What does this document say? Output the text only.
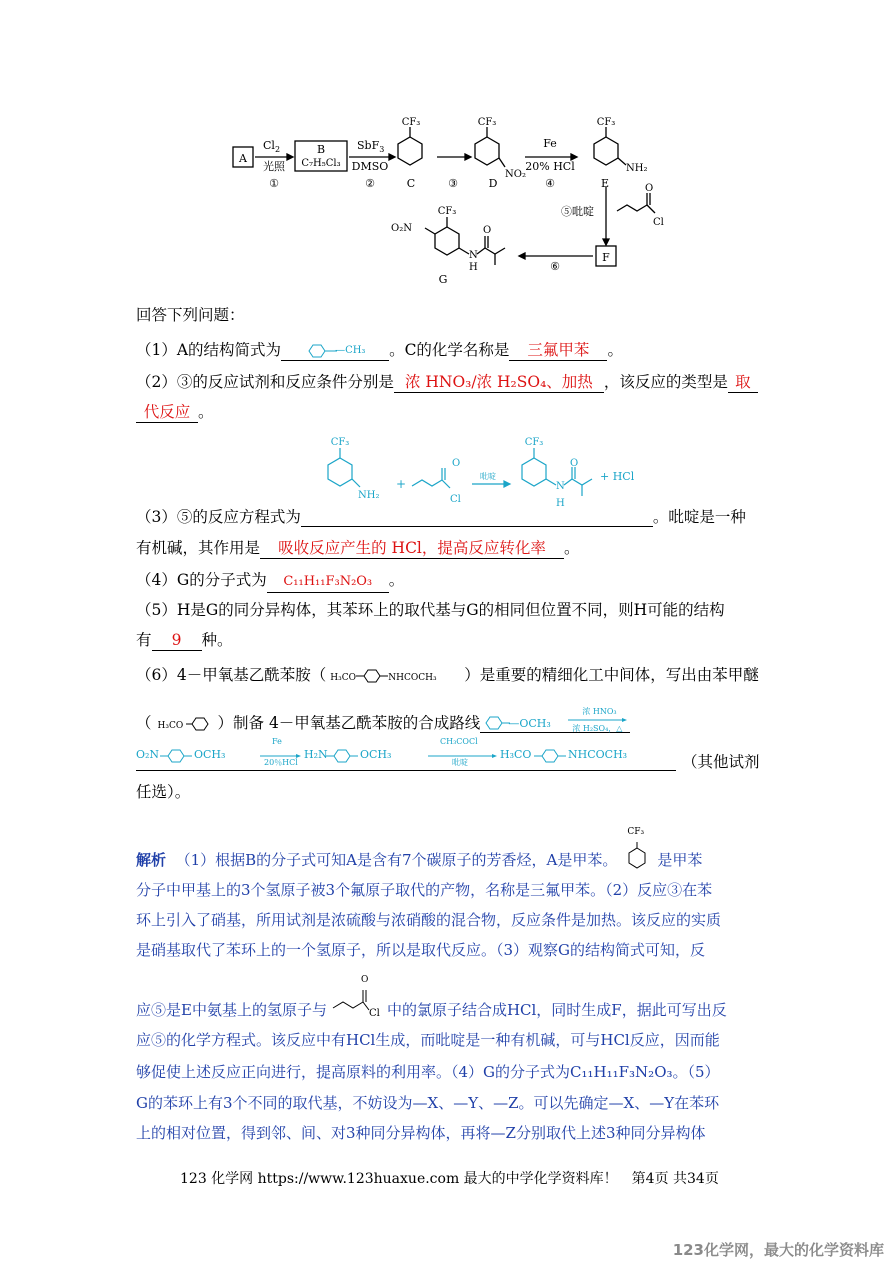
A
$Cl_2$
光照
①
B
C₇H₅Cl₃
SbF$_3$
DMSO
②
CF₃
C	③
CF₃
NO₂
D
Fe
20% HCl
④
CF₃
NH₂
E
⑤吡啶
O
Cl
F
⑥
CF₃
O₂N
N
H
O
G
回答下列问题：
（1）A的结构简式为	—CH₃ 。C的化学名称是 三氟甲苯 。
（2）③的反应试剂和反应条件分别是 浓 HNO₃/浓 H₂SO₄、加热 ，该反应的类型是 取
代反应 。
CF₃
NH₂
+
O
Cl
吡啶
CF₃
N
H
O
+ HCl
（3）⑤的反应方程式为	。吡啶是一种
有机碱，其作用是 吸收反应产生的 HCl，提高反应转化率 。
（4）G的分子式为 C₁₁H₁₁F₃N₂O₃ 。
（5）H是G的同分异构体，其苯环上的取代基与G的相同但位置不同，则H可能的结构
有 9 种。
（6）4－甲氧基乙酰苯胺（ H₃CO	NHCOCH₃ ）是重要的精细化工中间体，写出由苯甲醚
（ H₃CO ）制备 4－甲氧基乙酰苯胺的合成路线	—OCH₃
浓 HNO₃
浓 H₂SO₄，△
O₂N	OCH₃
Fe
20％HCl
H₂N	OCH₃
CH₃COCl
吡啶
H₃CO	NHCOCH₃	（其他试剂
任选）。
解析 （1）根据B的分子式可知A是含有7个碳原子的芳香烃，A是甲苯。
CF₃
是甲苯
分子中甲基上的3个氢原子被3个氟原子取代的产物，名称是三氟甲苯。（2）反应③在苯
环上引入了硝基，所用试剂是浓硫酸与浓硝酸的混合物，反应条件是加热。该反应的实质
是硝基取代了苯环上的一个氢原子，所以是取代反应。（3）观察G的结构简式可知，反
应⑤是E中氨基上的氢原子与
O
Cl 中的氯原子结合成HCl，同时生成F，据此可写出反
应⑤的化学方程式。该反应中有HCl生成，而吡啶是一种有机碱，可与HCl反应，因而能
够促使上述反应正向进行，提高原料的利用率。（4）G的分子式为C₁₁H₁₁F₃N₂O₃。（5）
G的苯环上有3个不同的取代基，不妨设为—X、—Y、—Z。可以先确定—X、—Y在苯环
上的相对位置，得到邻、间、对3种同分异构体，再将—Z分别取代上述3种同分异构体
123 化学网 https://www.123huaxue.com 最大的中学化学资料库！　第4页 共34页
123化学网，最大的化学资料库
